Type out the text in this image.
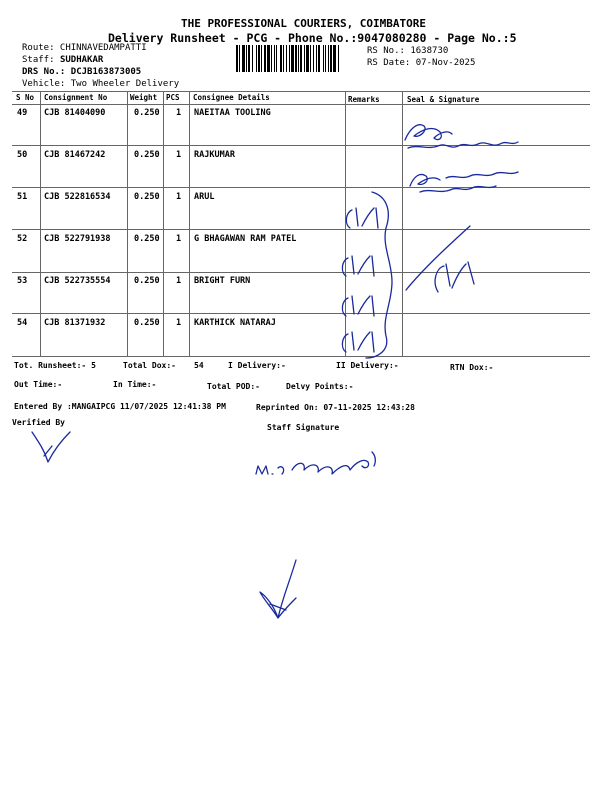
THE PROFESSIONAL COURIERS, COIMBATORE
Delivery Runsheet - PCG - Phone No.:9047080280 - Page No.:5
Route: CHINNAVEDAMPATTI
Staff: SUDHAKAR
DRS No.: DCJB163873005
Vehicle: Two Wheeler Delivery
RS No.: 1638730
RS Date: 07-Nov-2025
S No Consignment No	Weight PCS Consignee Details	Remarks	Seal & Signature
49 CJB 81404090	0.250 1 NAEITAA TOOLING
50 CJB 81467242	0.250 1 RAJKUMAR
51 CJB 522816534	0.250 1 ARUL
52 CJB 522791938	0.250 1 G BHAGAWAN RAM PATEL
53 CJB 522735554	0.250 1 BRIGHT FURN
54 CJB 81371932	0.250 1 KARTHICK NATARAJ
Tot. Runsheet:- 5	Total Dox:- 54	I Delivery:-	II Delivery:-	RTN Dox:-
Out Time:-	In Time:-	Total POD:-	Delvy Points:-
Entered By :MANGAIPCG 11/07/2025 12:41:38 PM	Reprinted On: 07-11-2025 12:43:28
Verified By
Staff Signature
